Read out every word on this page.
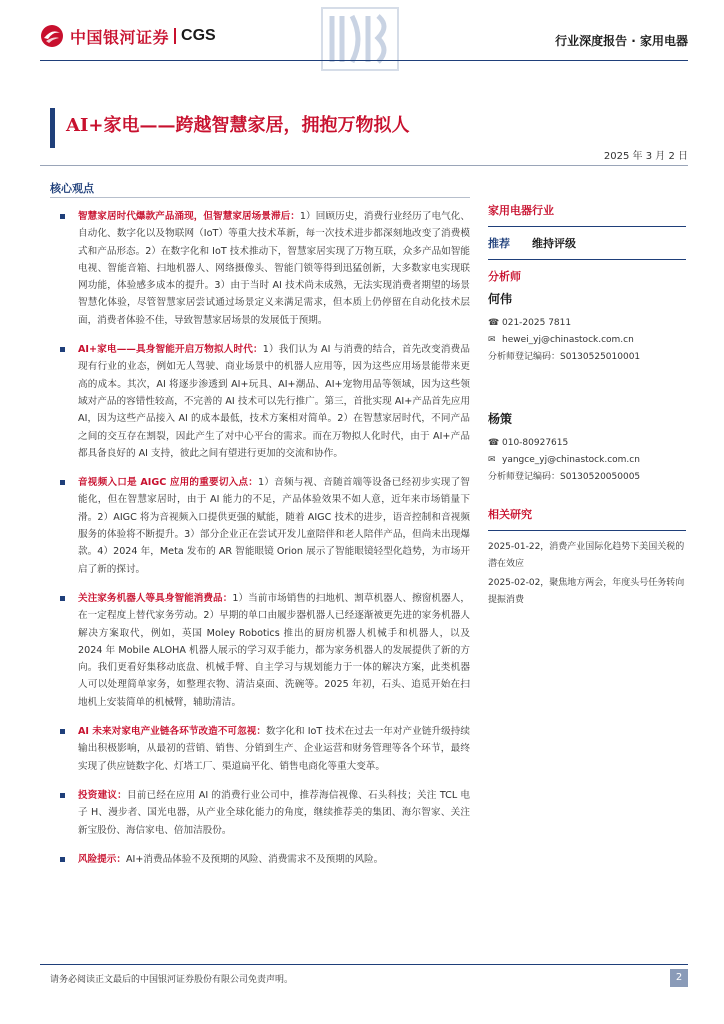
中国银河证券 CGS	行业深度报告 · 家用电器
AI+家电——跨越智慧家居，拥抱万物拟人
2025 年 3 月 2 日
核心观点
智慧家居时代爆款产品涌现，但智慧家居场景滞后：1）回顾历史，消费行业经历了电气化、自动化、数字化以及物联网（IoT）等重大技术革新，每一次技术进步都深刻地改变了消费模式和产品形态。2）在数字化和 IoT 技术推动下，智慧家居实现了万物互联，众多产品如智能电视、智能音箱、扫地机器人、网络摄像头、智能门锁等得到迅猛创新，大多数家电实现联网功能，体验感多成本的提升。3）由于当时 AI 技术尚未成熟，无法实现消费者期望的场景智慧化体验，尽管智慧家居尝试通过场景定义来满足需求，但本质上仍停留在自动化技术层面，消费者体验不佳，导致智慧家居场景的发展低于预期。
AI+家电——具身智能开启万物拟人时代：1）我们认为 AI 与消费的结合，首先改变消费品现有行业的业态，例如无人驾驶、商业场景中的机器人应用等，因为这些应用场景能带来更高的成本。其次，AI 将逐步渗透到 AI+玩具、AI+潮品、AI+宠物用品等领域，因为这些领域对产品的容错性较高，不完善的 AI 技术可以先行推广。第三，首批实现 AI+产品首先应用 AI，因为这些产品接入 AI 的成本最低，技术方案相对简单。2）在智慧家居时代，不同产品之间的交互存在割裂，因此产生了对中心平台的需求。而在万物拟人化时代，由于 AI+产品都具备良好的 AI 支持，彼此之间有望进行更加的交流和协作。
音视频入口是 AIGC 应用的重要切入点：1）音频与视、音随首端等设备已经初步实现了智能化，但在智慧家居时，由于 AI 能力的不足，产品体验效果不如人意，近年来市场销量下滑。2）AIGC 将为音视频入口提供更强的赋能，随着 AIGC 技术的进步，语音控制和音视频服务的体验将不断提升。3）部分企业正在尝试开发儿童陪伴和老人陪伴产品，但尚未出现爆款。4）2024 年，Meta 发布的 AR 智能眼镜 Orion 展示了智能眼镜轻型化趋势，为市场开启了新的探讨。
关注家务机器人等具身智能消费品：1）当前市场销售的扫地机、割草机器人、擦窗机器人，在一定程度上替代家务劳动。2）早期的单口由履步器机器人已经逐渐被更先进的家务机器人解决方案取代，例如，英国 Moley Robotics 推出的厨房机器人机械手和机器人，以及 2024 年 Mobile ALOHA 机器人展示的学习双手能力，都为家务机器人的发展提供了新的方向。我们更看好集移动底盘、机械手臂、自主学习与规划能力于一体的解决方案，此类机器人可以处理简单家务，如整理衣物、清洁桌面、洗碗等。2025 年初，石头、追觅开始在扫地机上安装简单的机械臂，辅助清洁。
AI 未来对家电产业链各环节改造不可忽视：数字化和 IoT 技术在过去一年对产业链升级持续输出积极影响，从最初的营销、销售、分销到生产、企业运营和财务管理等各个环节，最终实现了供应链数字化、灯塔工厂、渠道扁平化、销售电商化等重大变革。
投资建议：目前已经在应用 AI 的消费行业公司中，推荐海信视像、石头科技；关注 TCL 电子 H、漫步者、国光电器，从产业全球化能力的角度，继续推荐美的集团、海尔智家、关注新宝股份、海信家电、倍加洁股份。
风险提示：AI+消费品体验不及预期的风险、消费需求不及预期的风险。
家用电器行业
推荐 维持评级
分析师
何伟
☎ 021-2025 7811
✉ hewei_yj@chinastock.com.cn
分析师登记编码：S0130525010001
杨策
☎ 010-80927615
✉ yangce_yj@chinastock.com.cn
分析师登记编码：S0130520050005
相关研究
2025-01-22，消费产业国际化趋势下美国关税的潜在效应
2025-02-02，聚焦地方两会，年度头号任务转向提振消费
请务必阅读正文最后的中国银河证券股份有限公司免责声明。	2
